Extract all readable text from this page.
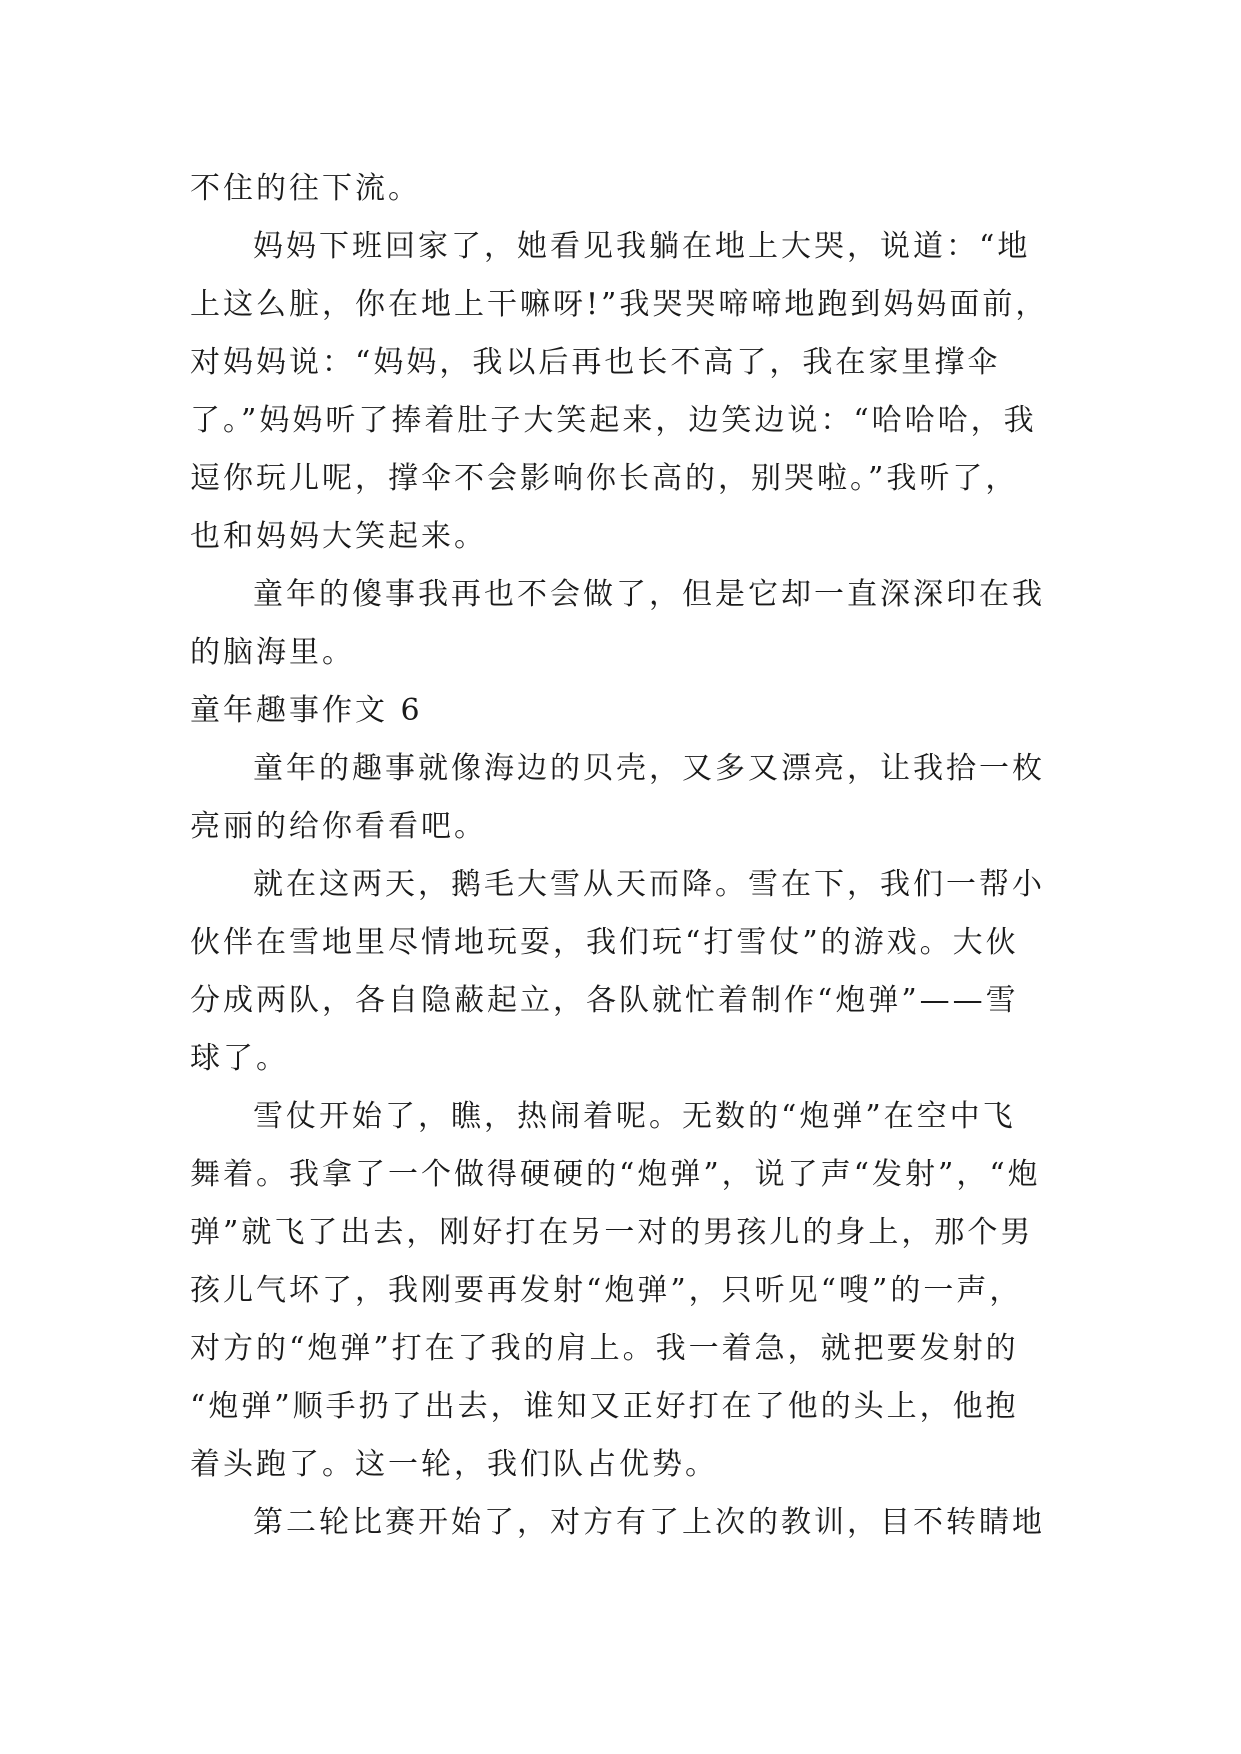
不住的往下流。
妈妈下班回家了，她看见我躺在地上大哭，说道：“地
上这么脏，你在地上干嘛呀!”我哭哭啼啼地跑到妈妈面前，
对妈妈说：“妈妈，我以后再也长不高了，我在家里撑伞
了。”妈妈听了捧着肚子大笑起来，边笑边说：“哈哈哈，我
逗你玩儿呢，撑伞不会影响你长高的，别哭啦。”我听了，
也和妈妈大笑起来。
童年的傻事我再也不会做了，但是它却一直深深印在我
的脑海里。
童年趣事作文 6
童年的趣事就像海边的贝壳，又多又漂亮，让我拾一枚
亮丽的给你看看吧。
就在这两天，鹅毛大雪从天而降。雪在下，我们一帮小
伙伴在雪地里尽情地玩耍，我们玩“打雪仗”的游戏。大伙
分成两队，各自隐蔽起立，各队就忙着制作“炮弹”——雪
球了。
雪仗开始了，瞧，热闹着呢。无数的“炮弹”在空中飞
舞着。我拿了一个做得硬硬的“炮弹”，说了声“发射”，“炮
弹”就飞了出去，刚好打在另一对的男孩儿的身上，那个男
孩儿气坏了，我刚要再发射“炮弹”，只听见“嗖”的一声，
对方的“炮弹”打在了我的肩上。我一着急，就把要发射的
“炮弹”顺手扔了出去，谁知又正好打在了他的头上，他抱
着头跑了。这一轮，我们队占优势。
第二轮比赛开始了，对方有了上次的教训，目不转睛地
